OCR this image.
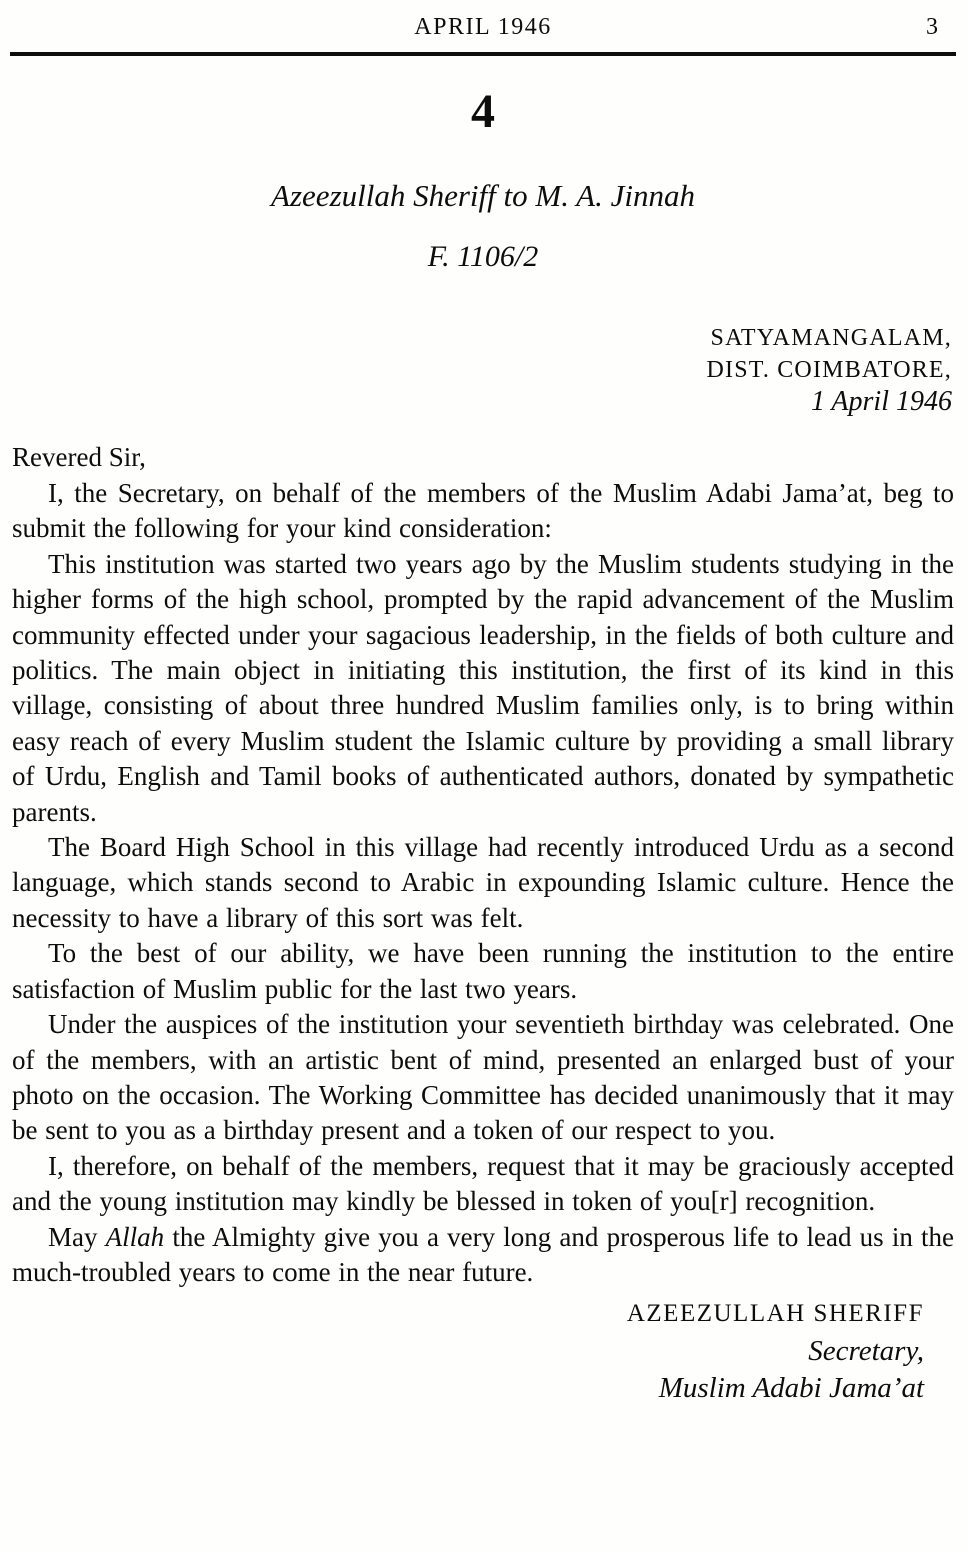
APRIL 1946	3
4
Azeezullah Sheriff to M. A. Jinnah
F. 1106/2
SATYAMANGALAM,
DIST. COIMBATORE,
1 April 1946
Revered Sir,

I, the Secretary, on behalf of the members of the Muslim Adabi Jama’at, beg to submit the following for your kind consideration:

This institution was started two years ago by the Muslim students studying in the higher forms of the high school, prompted by the rapid advancement of the Muslim community effected under your sagacious leadership, in the fields of both culture and politics. The main object in initiating this institution, the first of its kind in this village, consisting of about three hundred Muslim families only, is to bring within easy reach of every Muslim student the Islamic culture by providing a small library of Urdu, English and Tamil books of authenticated authors, donated by sympathetic parents.

The Board High School in this village had recently introduced Urdu as a second language, which stands second to Arabic in expounding Islamic culture. Hence the necessity to have a library of this sort was felt.

To the best of our ability, we have been running the institution to the entire satisfaction of Muslim public for the last two years.

Under the auspices of the institution your seventieth birthday was celebrated. One of the members, with an artistic bent of mind, presented an enlarged bust of your photo on the occasion. The Working Committee has decided unanimously that it may be sent to you as a birthday present and a token of our respect to you.

I, therefore, on behalf of the members, request that it may be graciously accepted and the young institution may kindly be blessed in token of you[r] recognition.

May Allah the Almighty give you a very long and prosperous life to lead us in the much-troubled years to come in the near future.

AZEEZULLAH SHERIFF
Secretary,
Muslim Adabi Jama’at
